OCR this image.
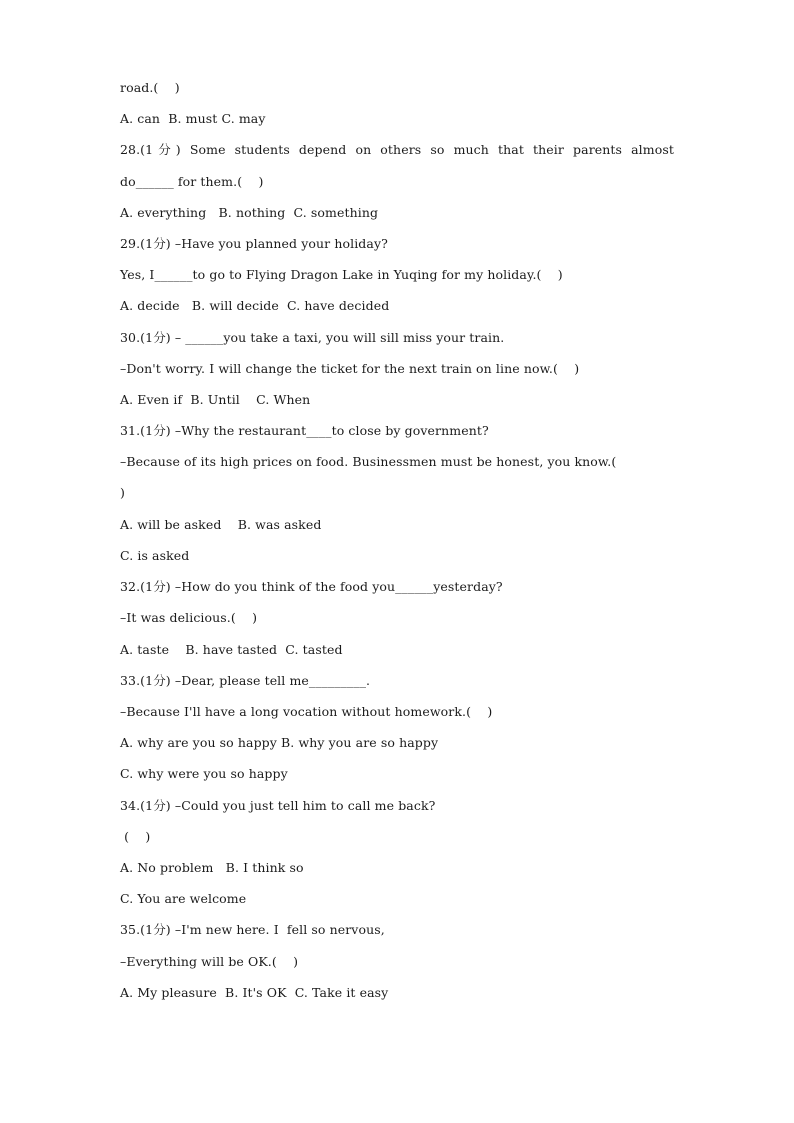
road.(    )
A. can  B. must C. may
28.(1分) Some students depend on others so much that their parents almost
do______ for them.(    )
A. everything   B. nothing  C. something
29.(1分) –Have you planned your holiday?
Yes, I______to go to Flying Dragon Lake in Yuqing for my holiday.(    )
A. decide   B. will decide  C. have decided
30.(1分) – ______you take a taxi, you will sill miss your train.
–Don't worry. I will change the ticket for the next train on line now.(    )
A. Even if  B. Until    C. When
31.(1分) –Why the restaurant____to close by government?
–Because of its high prices on food. Businessmen must be honest, you know.(
)
A. will be asked    B. was asked
C. is asked
32.(1分) –How do you think of the food you______yesterday?
–It was delicious.(    )
A. taste    B. have tasted  C. tasted
33.(1分) –Dear, please tell me_________.
–Because I'll have a long vocation without homework.(    )
A. why are you so happy B. why you are so happy
C. why were you so happy
34.(1分) –Could you just tell him to call me back?
(    )
A. No problem   B. I think so
C. You are welcome
35.(1分) –I'm new here. I  fell so nervous,
–Everything will be OK.(    )
A. My pleasure  B. It's OK  C. Take it easy
